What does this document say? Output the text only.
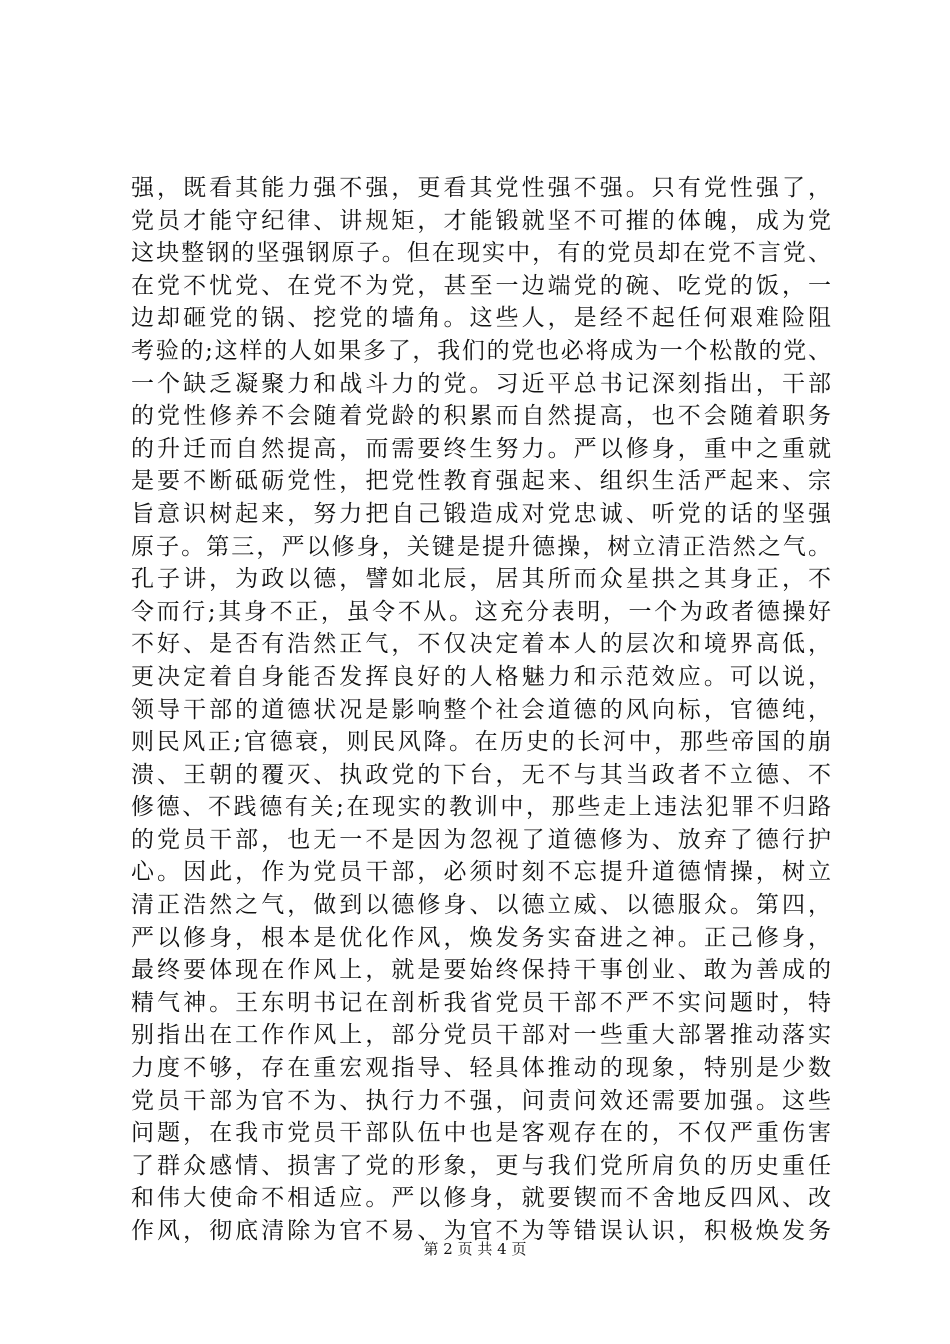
强，既看其能力强不强，更看其党性强不强。只有党性强了，
党员才能守纪律、讲规矩，才能锻就坚不可摧的体魄，成为党
这块整钢的坚强钢原子。但在现实中，有的党员却在党不言党、
在党不忧党、在党不为党，甚至一边端党的碗、吃党的饭，一
边却砸党的锅、挖党的墙角。这些人，是经不起任何艰难险阻
考验的;这样的人如果多了，我们的党也必将成为一个松散的党、
一个缺乏凝聚力和战斗力的党。习近平总书记深刻指出，干部
的党性修养不会随着党龄的积累而自然提高，也不会随着职务
的升迁而自然提高，而需要终生努力。严以修身，重中之重就
是要不断砥砺党性，把党性教育强起来、组织生活严起来、宗
旨意识树起来，努力把自己锻造成对党忠诚、听党的话的坚强
原子。第三，严以修身，关键是提升德操，树立清正浩然之气。
孔子讲，为政以德，譬如北辰，居其所而众星拱之其身正，不
令而行;其身不正，虽令不从。这充分表明，一个为政者德操好
不好、是否有浩然正气，不仅决定着本人的层次和境界高低，
更决定着自身能否发挥良好的人格魅力和示范效应。可以说，
领导干部的道德状况是影响整个社会道德的风向标，官德纯，
则民风正;官德衰，则民风降。在历史的长河中，那些帝国的崩
溃、王朝的覆灭、执政党的下台，无不与其当政者不立德、不
修德、不践德有关;在现实的教训中，那些走上违法犯罪不归路
的党员干部，也无一不是因为忽视了道德修为、放弃了德行护
心。因此，作为党员干部，必须时刻不忘提升道德情操，树立
清正浩然之气，做到以德修身、以德立威、以德服众。第四，
严以修身，根本是优化作风，焕发务实奋进之神。正己修身，
最终要体现在作风上，就是要始终保持干事创业、敢为善成的
精气神。王东明书记在剖析我省党员干部不严不实问题时，特
别指出在工作作风上，部分党员干部对一些重大部署推动落实
力度不够，存在重宏观指导、轻具体推动的现象，特别是少数
党员干部为官不为、执行力不强，问责问效还需要加强。这些
问题，在我市党员干部队伍中也是客观存在的，不仅严重伤害
了群众感情、损害了党的形象，更与我们党所肩负的历史重任
和伟大使命不相适应。严以修身，就要锲而不舍地反四风、改
作风，彻底清除为官不易、为官不为等错误认识，积极焕发务
第 2 页 共 4 页
